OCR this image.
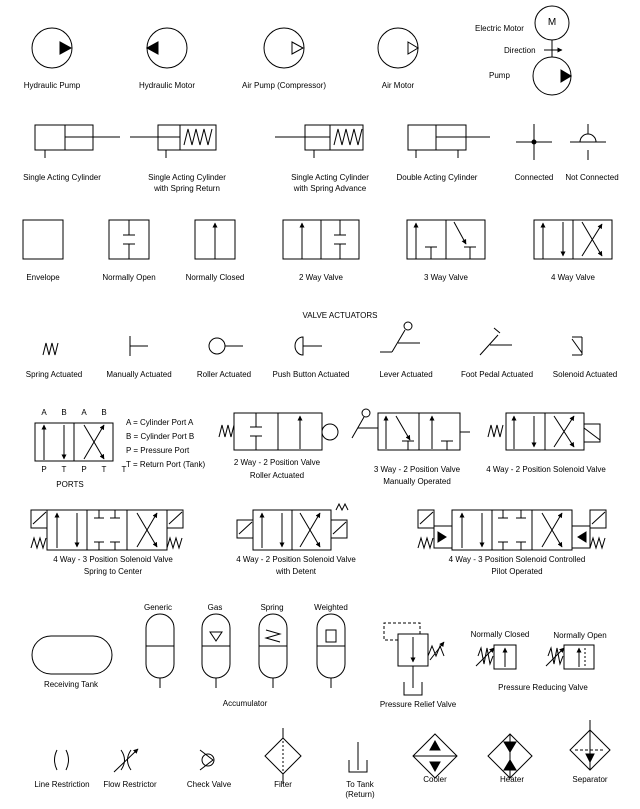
M
Electric Motor
Direction
Pump
Hydraulic Pump	Hydraulic Motor	Air Pump (Compressor)	Air Motor
Single Acting Cylinder	Single Acting Cylinder
with Spring Return
Single Acting Cylinder
with Spring Advance
Double Acting Cylinder	Connected Not Connected
Envelope	Normally Open	Normally Closed	2 Way Valve	3 Way Valve	4 Way Valve
VALVE ACTUATORS
Spring Actuated	Manually Actuated	Roller Actuated	Push Button Actuated	Lever Actuated	Foot Pedal Actuated Solenoid Actuated
A B A B
P T P T T
PORTS
A = Cylinder Port A
B = Cylinder Port B
P = Pressure Port
T = Return Port (Tank)	2 Way - 2 Position Valve
Roller Actuated
3 Way - 2 Position Valve
Manually Operated
4 Way - 2 Position Solenoid Valve
4 Way - 3 Position Solenoid Valve
Spring to Center
4 Way - 2 Position Solenoid Valve
with Detent
4 Way - 3 Position Solenoid Controlled
Pilot Operated
Receiving Tank
Generic	Gas	Spring	Weighted
Accumulator	Pressure Relief Valve
Normally Closed	Normally Open
Pressure Reducing Valve
Line Restriction Flow Restrictor	Check Valve	Filter	To Tank
(Return)
Cooler	Heater	Separator
